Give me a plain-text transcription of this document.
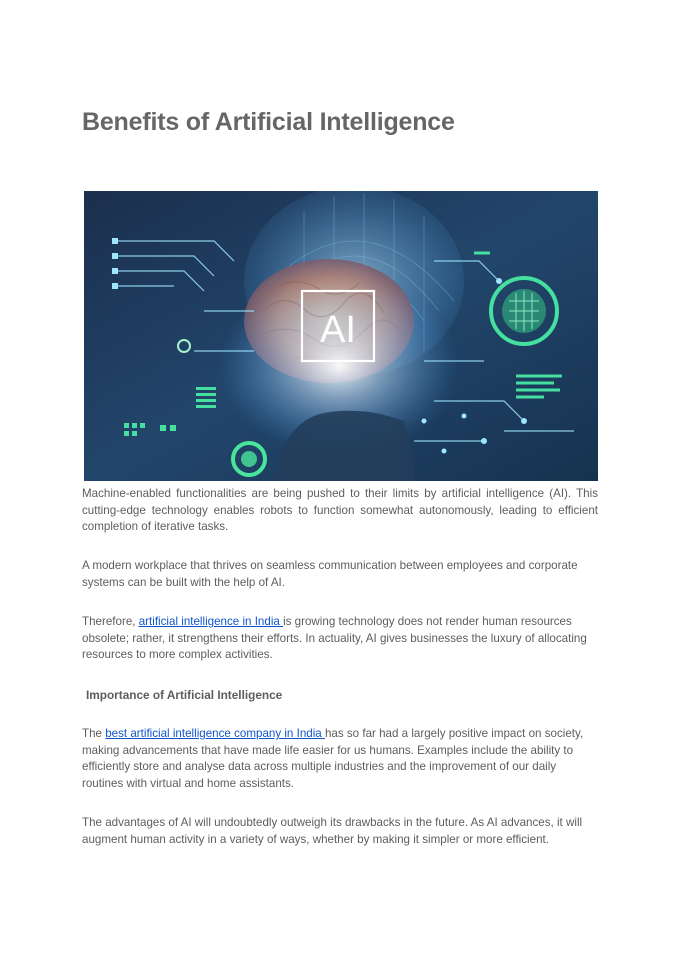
Benefits of Artificial Intelligence
AI

Machine-enabled functionalities are being pushed to their limits by artificial intelligence (AI). This cutting-edge technology enables robots to function somewhat autonomously, leading to efficient completion of iterative tasks.

A modern workplace that thrives on seamless communication between employees and corporate systems can be built with the help of AI.

Therefore, artificial intelligence in India is growing technology does not render human resources obsolete; rather, it strengthens their efforts. In actuality, AI gives businesses the luxury of allocating resources to more complex activities.

Importance of Artificial Intelligence

The best artificial intelligence company in India has so far had a largely positive impact on society, making advancements that have made life easier for us humans. Examples include the ability to efficiently store and analyse data across multiple industries and the improvement of our daily routines with virtual and home assistants.

The advantages of AI will undoubtedly outweigh its drawbacks in the future. As AI advances, it will augment human activity in a variety of ways, whether by making it simpler or more efficient.
